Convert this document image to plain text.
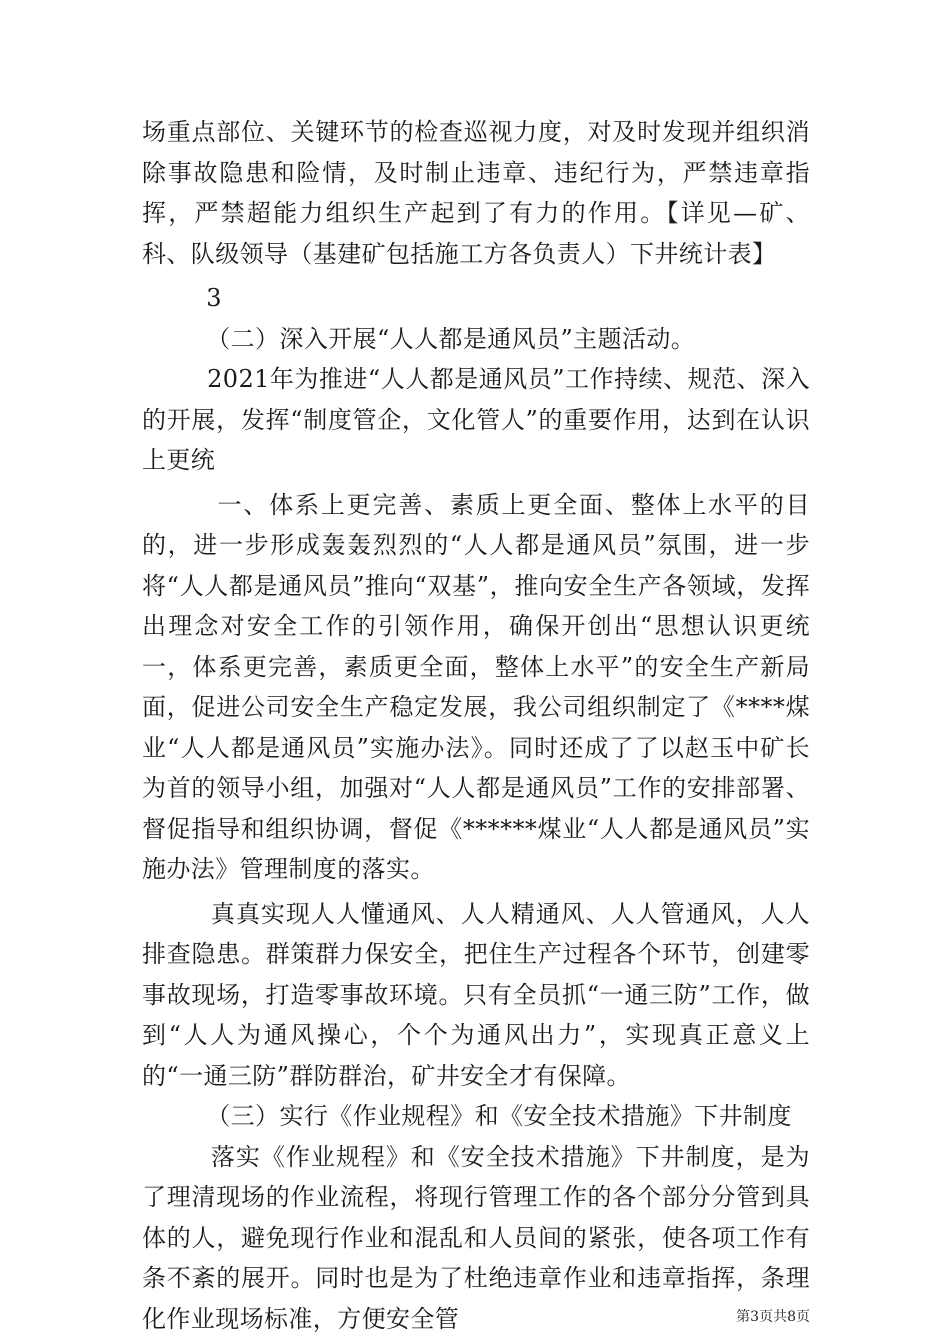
场重点部位、关键环节的检查巡视力度，对及时发现并组织消除事故隐患和险情，及时制止违章、违纪行为，严禁违章指挥，严禁超能力组织生产起到了有力的作用。【详见—矿、科、队级领导（基建矿包括施工方各负责人）下井统计表】

3

（二）深入开展“人人都是通风员”主题活动。

2021年为推进“人人都是通风员”工作持续、规范、深入的开展，发挥“制度管企，文化管人”的重要作用，达到在认识上更统

一、体系上更完善、素质上更全面、整体上水平的目的，进一步形成轰轰烈烈的“人人都是通风员”氛围，进一步将“人人都是通风员”推向“双基”，推向安全生产各领域，发挥出理念对安全工作的引领作用，确保开创出“思想认识更统一，体系更完善，素质更全面，整体上水平”的安全生产新局面，促进公司安全生产稳定发展，我公司组织制定了《****煤业“人人都是通风员”实施办法》。同时还成了了以赵玉中矿长为首的领导小组，加强对“人人都是通风员”工作的安排部署、督促指导和组织协调，督促《******煤业“人人都是通风员”实施办法》管理制度的落实。

真真实现人人懂通风、人人精通风、人人管通风，人人排查隐患。群策群力保安全，把住生产过程各个环节，创建零事故现场，打造零事故环境。只有全员抓“一通三防”工作，做到“人人为通风操心，个个为通风出力”，实现真正意义上的“一通三防”群防群治，矿井安全才有保障。

（三）实行《作业规程》和《安全技术措施》下井制度

落实《作业规程》和《安全技术措施》下井制度，是为了理清现场的作业流程，将现行管理工作的各个部分分管到具体的人，避免现行作业和混乱和人员间的紧张，使各项工作有条不紊的展开。同时也是为了杜绝违章作业和违章指挥，条理化作业现场标准，方便安全管	第3页共8页
